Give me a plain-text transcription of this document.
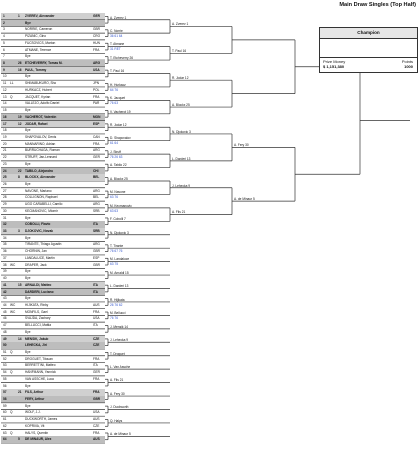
Main Draw Singles (Top Half)
1	1	ZVEREV, Alexander	GER
2	Bye
3	NORRIE, Cameron	GBR
4	PIZANIC, Gino	CRO
5	FUCSOVICS, Marton	HUN
6	ATMANE, Terence	FRA
7	Bye
8	26	ETCHEVERRY, Tomas M.	ARG
9	16	PAUL, Tommy	USA
10	Bye
11	LL	SHIMABUKURO, Sho	JPN
12	HURKACZ, Hubert	POL
13	Q	JACQUET, Kyrian	FRA
14	VALLEJO, Adolfo Daniel	PAR
15	Bye
16	19	VACHEROT, Valentin	MON
17	12	JODAR, Rafael	ESP
18	Bye
19	SHAPOVALOV, Denis	CAN
20	MANNARINO, Adrian	FRA
21	BURRUCHAGA, Roman	ARG
22	STRUFF, Jan-Lennard	GER
23	Bye
24	22	TABILO, Alejandro	CHI
25	8	BLOCKX, Alexander	BEL
26	Bye
27	NAVONE, Mariano	ARG
28	COLLIGNON, Raphael	BEL
29	UGO CARABELLI, Camilo	ARG
30	KECMANOVIC, Miomir	SRB
31	Bye
32	COBOLLI, Flavio	ITA
33	3	DJOKOVIC, Novak	SRB
34	Bye
35	TIRANTE, Thiago Agustin	ARG
36	CHORNIN, Jan	GBR
37	LANDALUCE, Martin	ESP
38	WC	DRAPER, Jack	GBR
39	Bye
40	Bye
41	15	ARNALDI, Matteo	ITA
42	DARDERI, Luciano	ITA
43	Bye
44	WC	HIJIKATA, Rinky	AUS
45	WC	MONFILS, Gael	FRA
46	SVAJDA, Zachary	USA
47	BELLUCCI, Mattia	ITA
48	Bye
49	14	MENSIK, Jakub	CZE
50	LEHECKA, Jiri	CZE
51	Q	Bye
52	DROGUET, Titouan	FRA
53	BERRETTINI, Matteo	ITA
54	Q	HANFMANN, Yannick	GER
55	VAN ASSCHE, Luca	FRA
56	Bye
57	21	FILS, Arthur	FRA
58	FERY, Arthur	GBR
59	Bye
60	Q	WOLF, J.J.	USA
61	DUCKWORTH, James	AUS
62	KOPRIVA, Vit	CZE
63	Q	HALYS, Quentin	FRA
64	5	DE MINAUR, Alex	AUS
A. Zverev 1
C. Norrie
36 61 64
T. Atmane
31 RET
T. Etcheverry 26
T. Paul 16
H. Hurkacz
64 76
K. Jacquet
76 63
V. Vacherot 19
R. Jodar 12
D. Shapovalov
61 64
J. Struff
76 26 63
A. Tabilo 22
A. Blockx 25
M. Navone
63 76
M. Kecmanovic
63 63
F. Cobolli 7
N. Djokovic 3
T. Tirante
76 67 76
M. Landaluce
63 75
M. Arnaldi 15
L. Darderi 13
R. Hijikata
26 76 62
M. Bellucci
76 76
J. Mensik 14
J. Lehecka 9
T. Droguet
L. Van Assche
A. Fils 21
A. Fery 30
J. Duckworth
Q. Halys
A. de Minaur 5
A. Zverev 1
T. Paul 16
R. Jodar 12
A. Blockx 25
N. Djokovic 3
L. Darderi 13
J. Lehecka 9
A. Fils 21
A. Fery 30
A. de Minaur 5
Champion
Prize Money
$ 1,151,380
Points
1000
